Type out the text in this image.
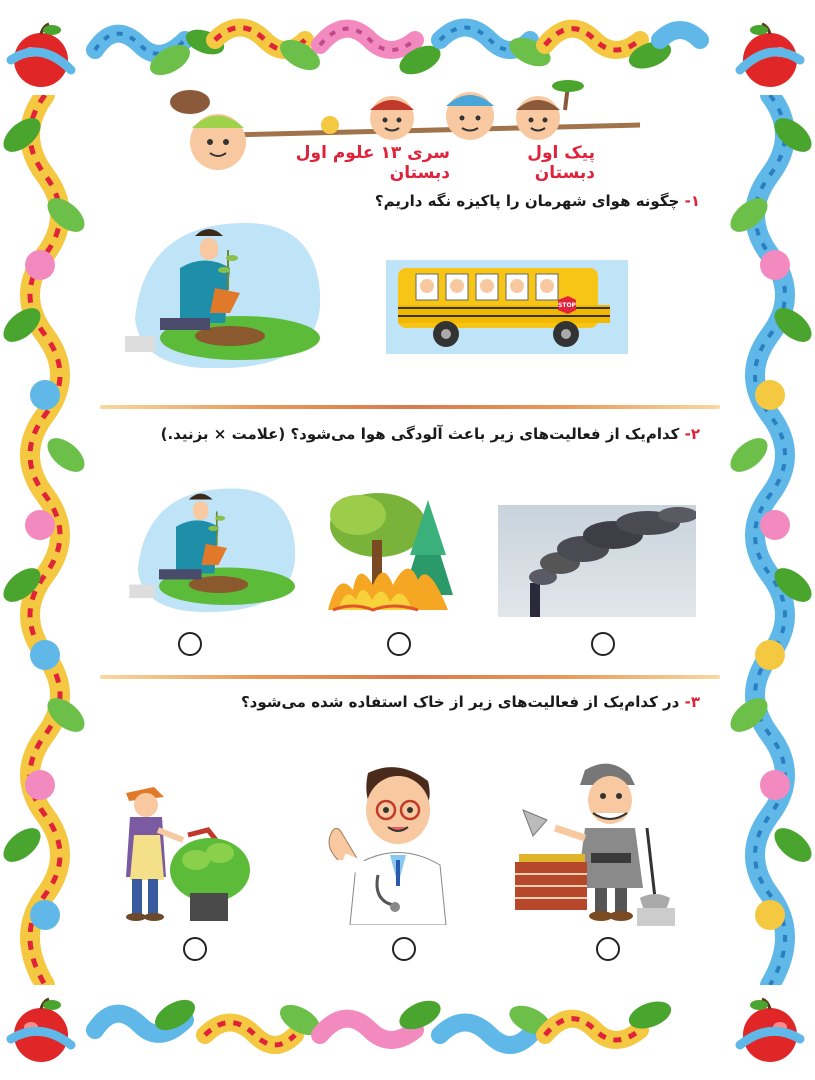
پیک اول دبستان
سری ۱۳ علوم اول دبستان
۱- چگونه هوای شهرمان را پاکیزه نگه داریم؟
STOP
۲- کدام‌یک از فعالیت‌های زیر باعث آلودگی هوا می‌شود؟ (علامت × بزنید.)
۳- در کدام‌یک از فعالیت‌های زیر از خاک استفاده شده می‌شود؟
